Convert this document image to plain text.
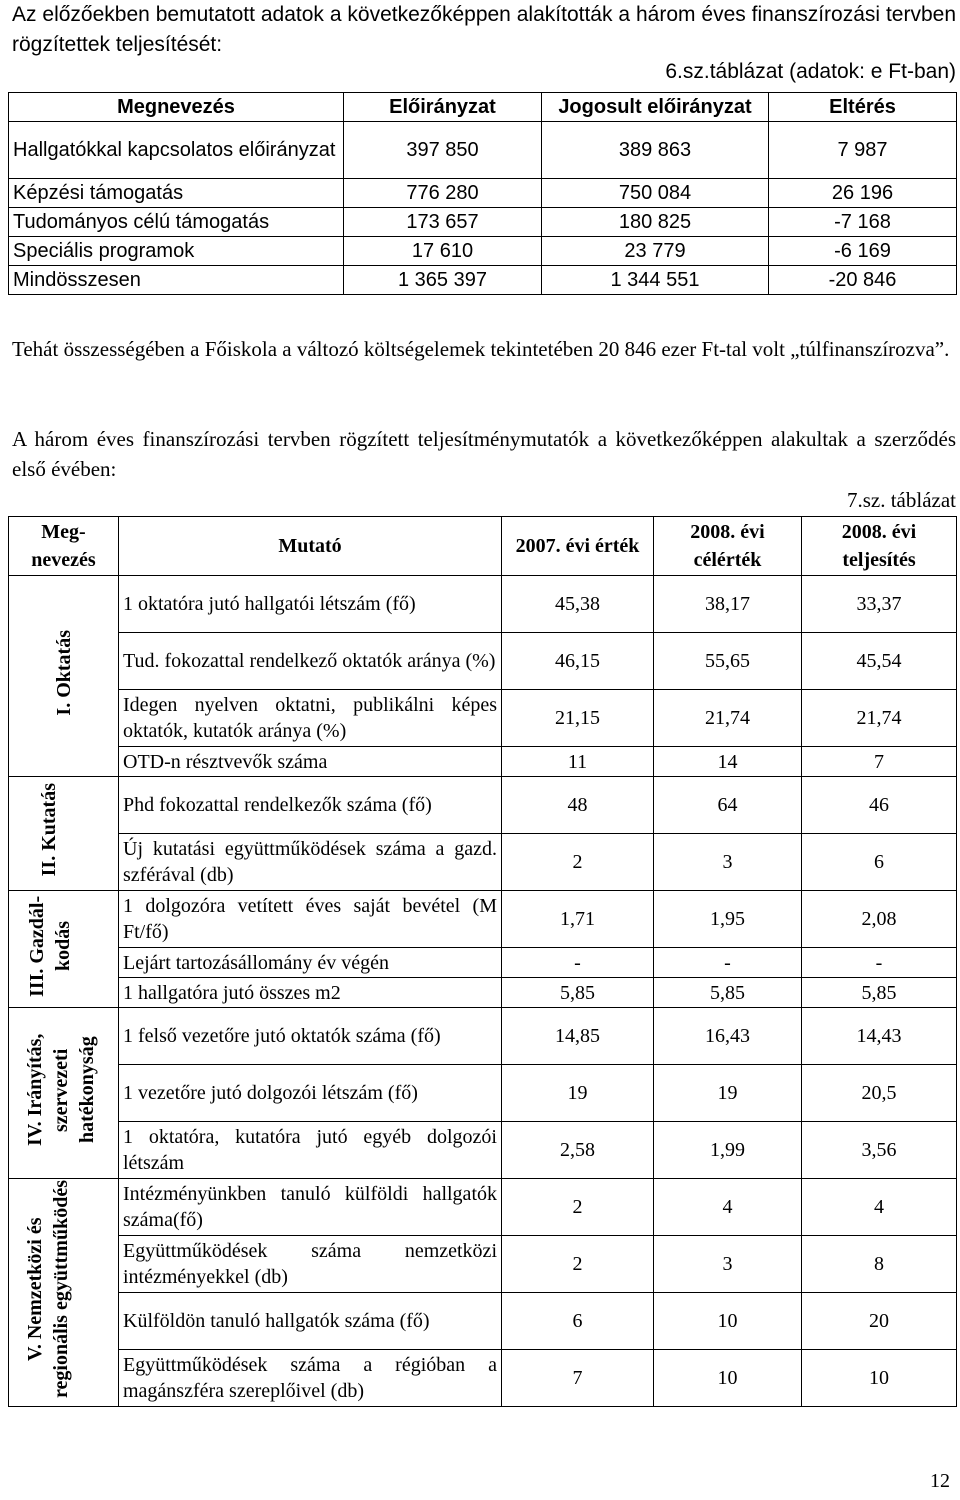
Az előzőekben bemutatott adatok a következőképpen alakították a három éves finanszírozási tervben rögzítettek teljesítését:
6.sz.táblázat (adatok: e Ft-ban)
Megnevezés	Előirányzat	Jogosult előirányzat	Eltérés
Hallgatókkal kapcsolatos előirányzat	397 850	389 863	7 987
Képzési támogatás	776 280	750 084	26 196
Tudományos célú támogatás	173 657	180 825	-7 168
Speciális programok	17 610	23 779	-6 169
Mindösszesen	1 365 397	1 344 551	-20 846
Tehát összességében a Főiskola a változó költségelemek tekintetében 20 846 ezer Ft-tal volt „túlfinanszírozva”.
A három éves finanszírozási tervben rögzített teljesítménymutatók a következőképpen alakultak a szerződés első évében:
7.sz. táblázat
Meg-nevezés	Mutató	2007. évi érték	2008. évi célérték	2008. évi teljesítés
I. Oktatás	1 oktatóra jutó hallgatói létszám (fő)	45,38	38,17	33,37
	Tud. fokozattal rendelkező oktatók aránya (%)	46,15	55,65	45,54
	Idegen nyelven oktatni, publikálni képes oktatók, kutatók aránya (%)	21,15	21,74	21,74
	OTD-n résztvevők száma	11	14	7
II. Kutatás	Phd fokozattal rendelkezők száma (fő)	48	64	46
	Új kutatási együttműködések száma a gazd. szférával (db)	2	3	6
III. Gazdál-kodás	1 dolgozóra vetített éves saját bevétel (M Ft/fő)	1,71	1,95	2,08
	Lejárt tartozásállomány év végén	-	-	-
	1 hallgatóra jutó összes m2	5,85	5,85	5,85
IV. Irányítás, szervezeti hatékonyság	1 felső vezetőre jutó oktatók száma (fő)	14,85	16,43	14,43
	1 vezetőre jutó dolgozói létszám (fő)	19	19	20,5
	1 oktatóra, kutatóra jutó egyéb dolgozói létszám	2,58	1,99	3,56
V. Nemzetközi és regionális együttműködés	Intézményünkben tanuló külföldi hallgatók száma(fő)	2	4	4
	Együttműködések száma nemzetközi intézményekkel (db)	2	3	8
	Külföldön tanuló hallgatók száma (fő)	6	10	20
	Együttműködések száma a régióban a magánszféra szereplőivel (db)	7	10	10
12
